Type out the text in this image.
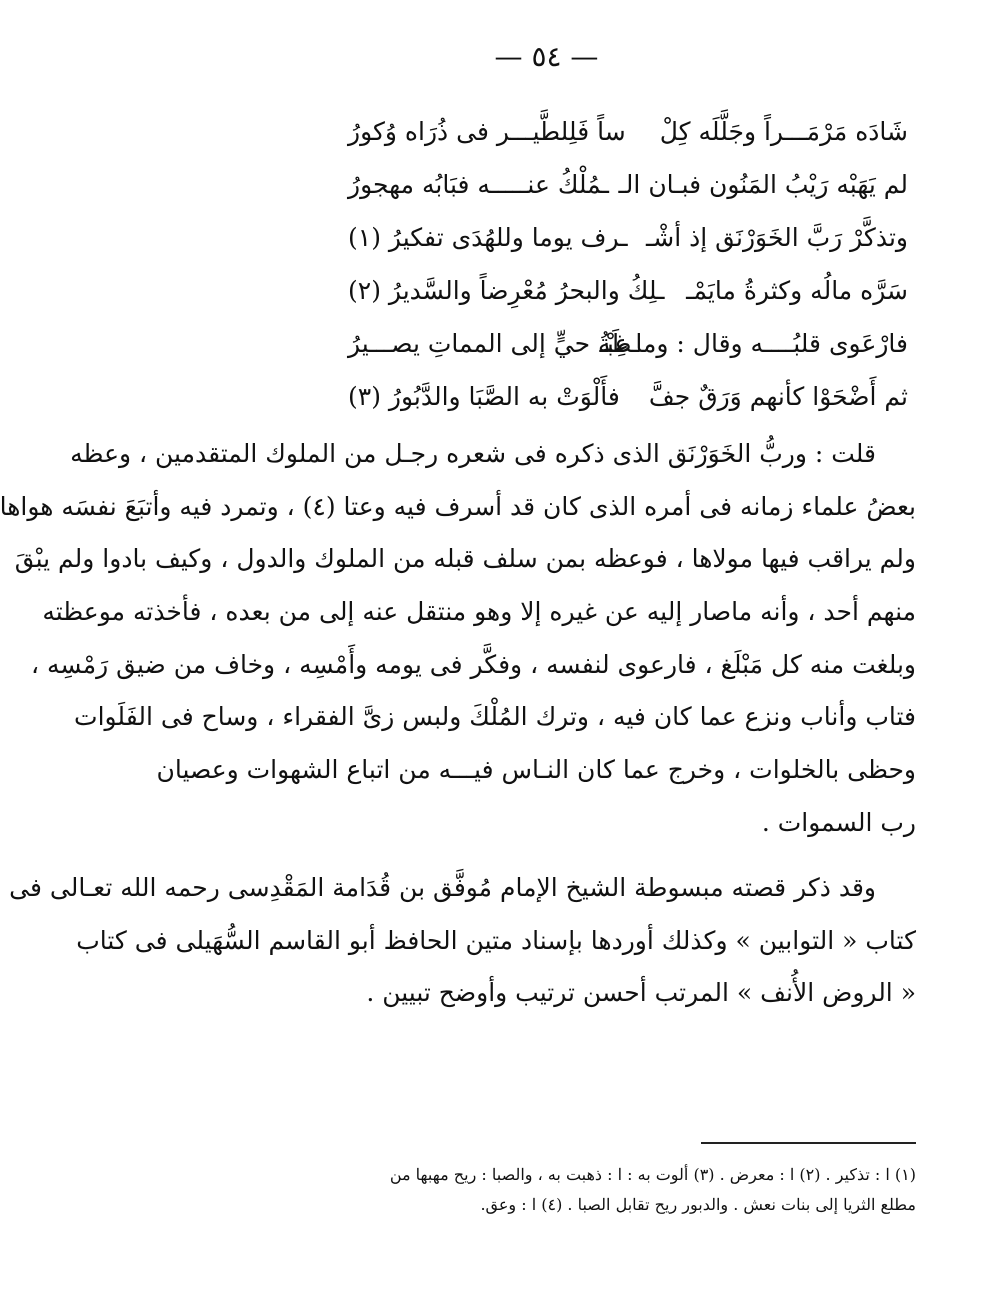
— ٥٤ —
شَادَه مَرْمَـــراً وجَلَّلَه كِلْ
ساً فَلِلطَّيـــر فى ذُرَاه وُكورُ
لم يَهَبْه رَيْبُ المَنُون فبـان الـ
ـمُلْكُ عنـــــه فبَابُه مهجورُ
وتذكَّرْ رَبَّ الخَوَرْنَق إذ أشْـ
ـرف يوما وللهُدَى تفكيرُ (١)
سَرَّه مالُه وكثرةُ مايَمْـ
ـلِكُ والبحرُ مُعْرِضاً والسَّديرُ (٢)
فارْعَوى قلبُــــه وقال : وما غِبْـ
ـطَةُ حيٍّ إلى المماتِ يصـــيرُ
ثم أَضْحَوْا كأنهم وَرَقٌ جفَّ
فأَلْوَتْ به الصَّبَا والدَّبُورُ (٣)

قلت : وربُّ الخَوَرْنَق الذى ذكره فى شعره رجـل من الملوك المتقدمين ، وعظه
بعضُ علماء زمانه فى أمره الذى كان قد أسرف فيه وعتا (٤) ، وتمرد فيه وأتبَعَ نفسَه هواها
ولم يراقب فيها مولاها ، فوعظه بمن سلف قبله من الملوك والدول ، وكيف بادوا ولم يبْقَ
منهم أحد ، وأنه ماصار إليه عن غيره إلا وهو منتقل عنه إلى من بعده ، فأخذته موعظته
وبلغت منه كل مَبْلَغ ، فارعوى لنفسه ، وفكَّر فى يومه وأَمْسِه ، وخاف من ضيق رَمْسِه ،
فتاب وأناب ونزع عما كان فيه ، وترك المُلْكَ ولبس زىَّ الفقراء ، وساح فى الفَلَوات
وحظى بالخلوات ، وخرج عما كان النـاس فيـــه من اتباع الشهوات وعصيان
رب السموات .

وقد ذكر قصته مبسوطة الشيخ الإمام مُوفَّق بن قُدَامة المَقْدِسى رحمه الله تعـالى فى
كتاب « التوابين » وكذلك أوردها بإسناد متين الحافظ أبو القاسم السُّهَيلى فى كتاب
« الروض الأُنف » المرتب أحسن ترتيب وأوضح تبيين .

(١) ا : تذكير . (٢) ا : معرض . (٣) ألوت به : ا : ذهبت به ، والصبا : ريح مهبها من
مطلع الثريا إلى بنات نعش . والدبور ريح تقابل الصبا . (٤) ا : وعق.
